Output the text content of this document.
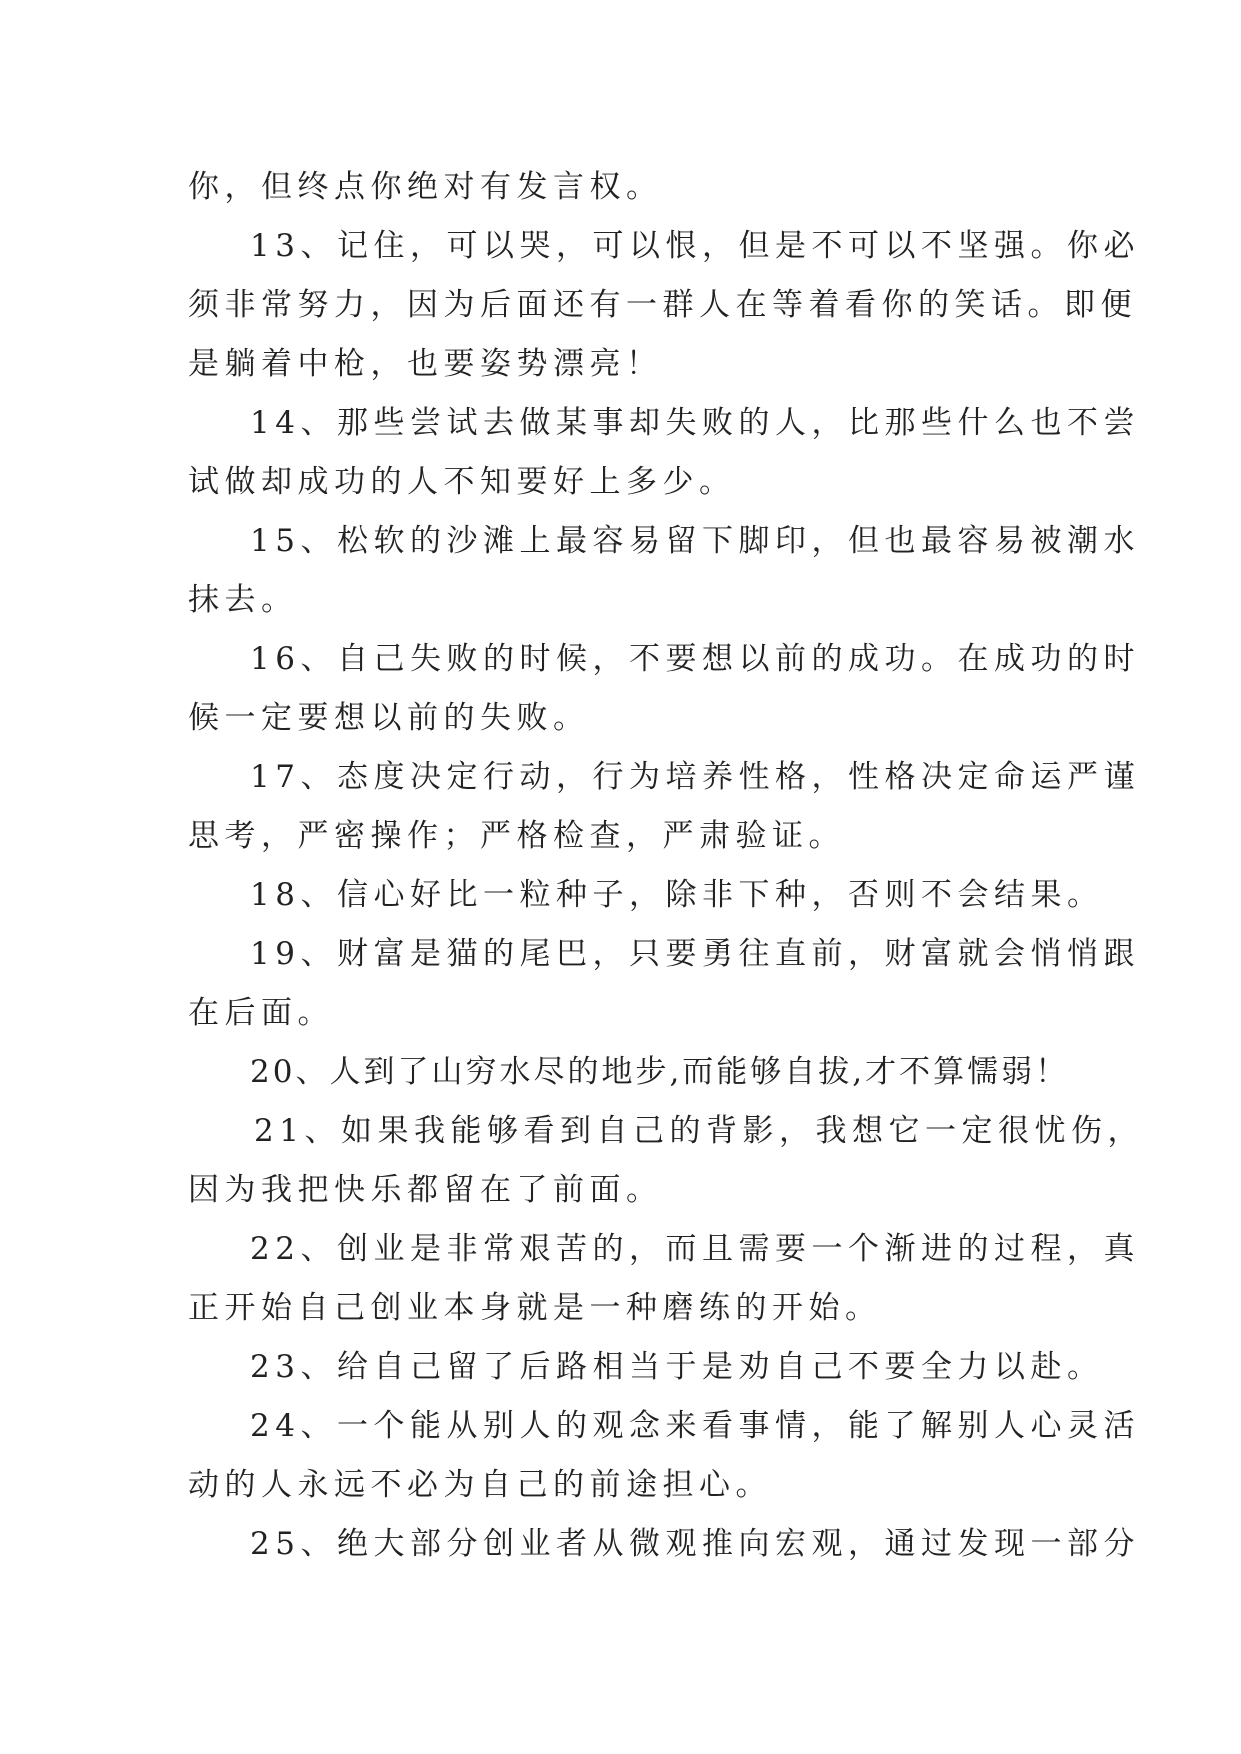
你，但终点你绝对有发言权。
13、记住，可以哭，可以恨，但是不可以不坚强。你必
须非常努力，因为后面还有一群人在等着看你的笑话。即便
是躺着中枪，也要姿势漂亮！
14、那些尝试去做某事却失败的人，比那些什么也不尝
试做却成功的人不知要好上多少。
15、松软的沙滩上最容易留下脚印，但也最容易被潮水
抹去。
16、自己失败的时候，不要想以前的成功。在成功的时
候一定要想以前的失败。
17、态度决定行动，行为培养性格，性格决定命运严谨
思考，严密操作；严格检查，严肃验证。
18、信心好比一粒种子，除非下种，否则不会结果。
19、财富是猫的尾巴，只要勇往直前，财富就会悄悄跟
在后面。
20、人到了山穷水尽的地步,而能够自拔,才不算懦弱！
21、如果我能够看到自己的背影，我想它一定很忧伤，
因为我把快乐都留在了前面。
22、创业是非常艰苦的，而且需要一个渐进的过程，真
正开始自己创业本身就是一种磨练的开始。
23、给自己留了后路相当于是劝自己不要全力以赴。
24、一个能从别人的观念来看事情，能了解别人心灵活
动的人永远不必为自己的前途担心。
25、绝大部分创业者从微观推向宏观，通过发现一部分
